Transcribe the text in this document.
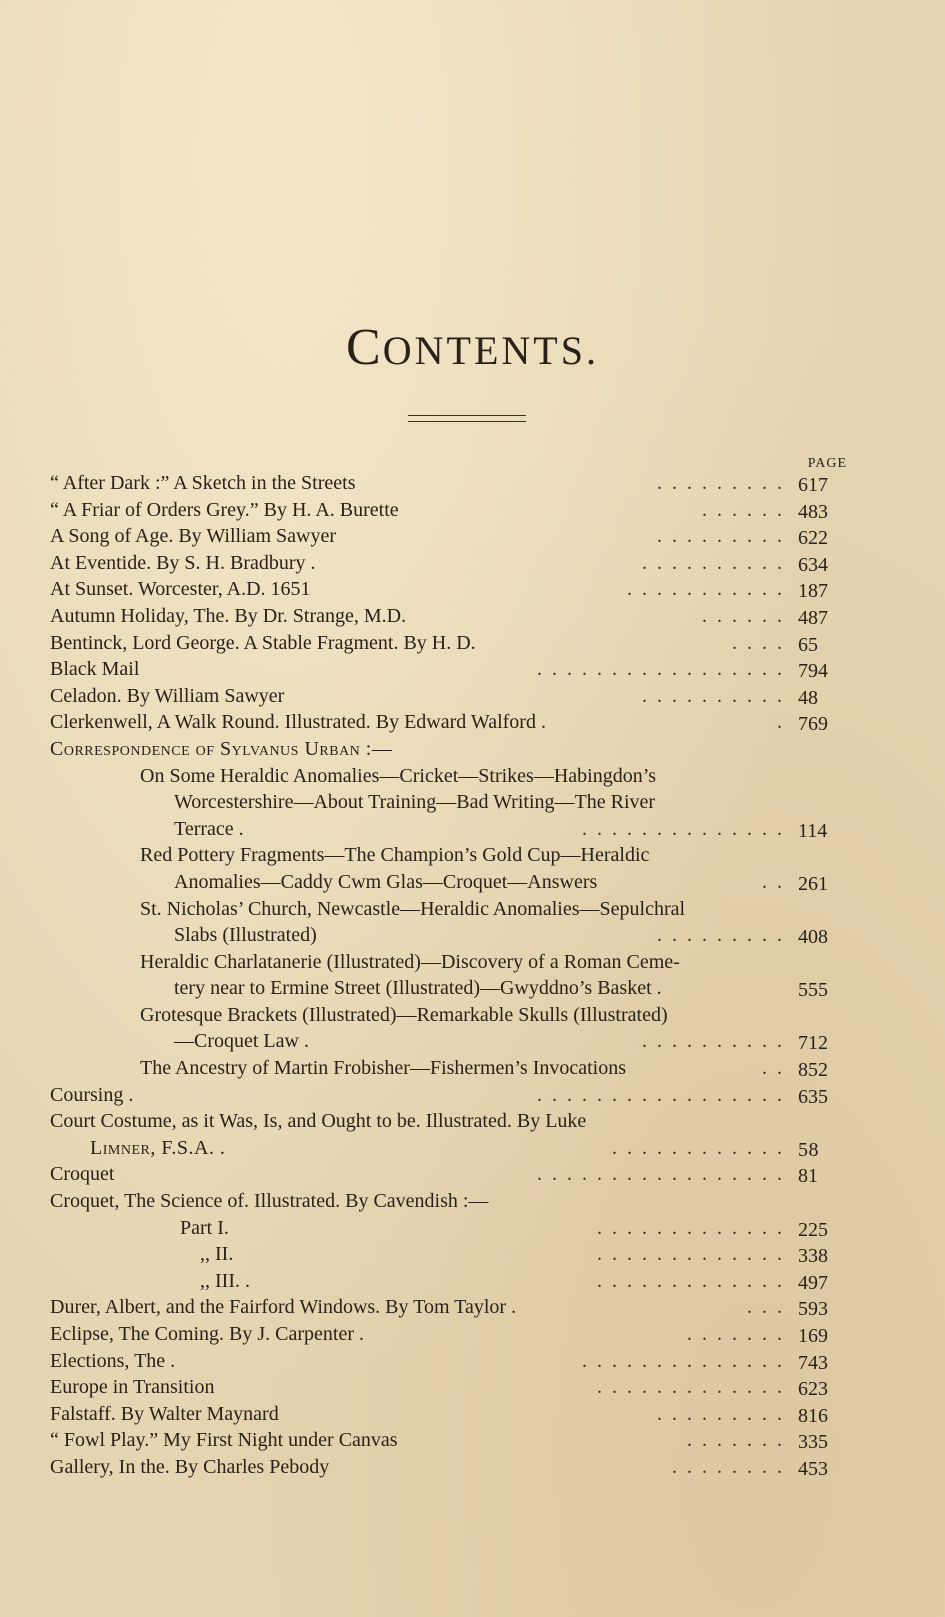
CONTENTS.
PAGE
“ After Dark :” A Sketch in the Streets	......... 617
“ A Friar of Orders Grey.” By H. A. Burette	...... 483
A Song of Age. By William Sawyer	......... 622
At Eventide. By S. H. Bradbury .	.......... 634
At Sunset. Worcester, A.D. 1651	........... 187
Autumn Holiday, The. By Dr. Strange, M.D.	...... 487
Bentinck, Lord George. A Stable Fragment. By H. D.	.... 65
Black Mail	................. 794
Celadon. By William Sawyer	.......... 48
Clerkenwell, A Walk Round. Illustrated. By Edward Walford .	. 769
Correspondence of Sylvanus Urban :—
On Some Heraldic Anomalies—Cricket—Strikes—Habingdon’s
Worcestershire—About Training—Bad Writing—The River
Terrace .	.............. 114
Red Pottery Fragments—The Champion’s Gold Cup—Heraldic
Anomalies—Caddy Cwm Glas—Croquet—Answers	.. 261
St. Nicholas’ Church, Newcastle—Heraldic Anomalies—Sepulchral
Slabs (Illustrated)	......... 408
Heraldic Charlatanerie (Illustrated)—Discovery of a Roman Ceme-
tery near to Ermine Street (Illustrated)—Gwyddno’s Basket .	555
Grotesque Brackets (Illustrated)—Remarkable Skulls (Illustrated)
—Croquet Law .	.......... 712
The Ancestry of Martin Frobisher—Fishermen’s Invocations	.. 852
Coursing .	................. 635
Court Costume, as it Was, Is, and Ought to be. Illustrated. By Luke
Limner, F.S.A. .	............ 58
Croquet	................. 81
Croquet, The Science of. Illustrated. By Cavendish :—
Part I.	............. 225
,, II.	............. 338
,, III. .	............. 497
Durer, Albert, and the Fairford Windows. By Tom Taylor .	... 593
Eclipse, The Coming. By J. Carpenter .	....... 169
Elections, The .	.............. 743
Europe in Transition	............. 623
Falstaff. By Walter Maynard	......... 816
“ Fowl Play.” My First Night under Canvas	....... 335
Gallery, In the. By Charles Pebody	........ 453
